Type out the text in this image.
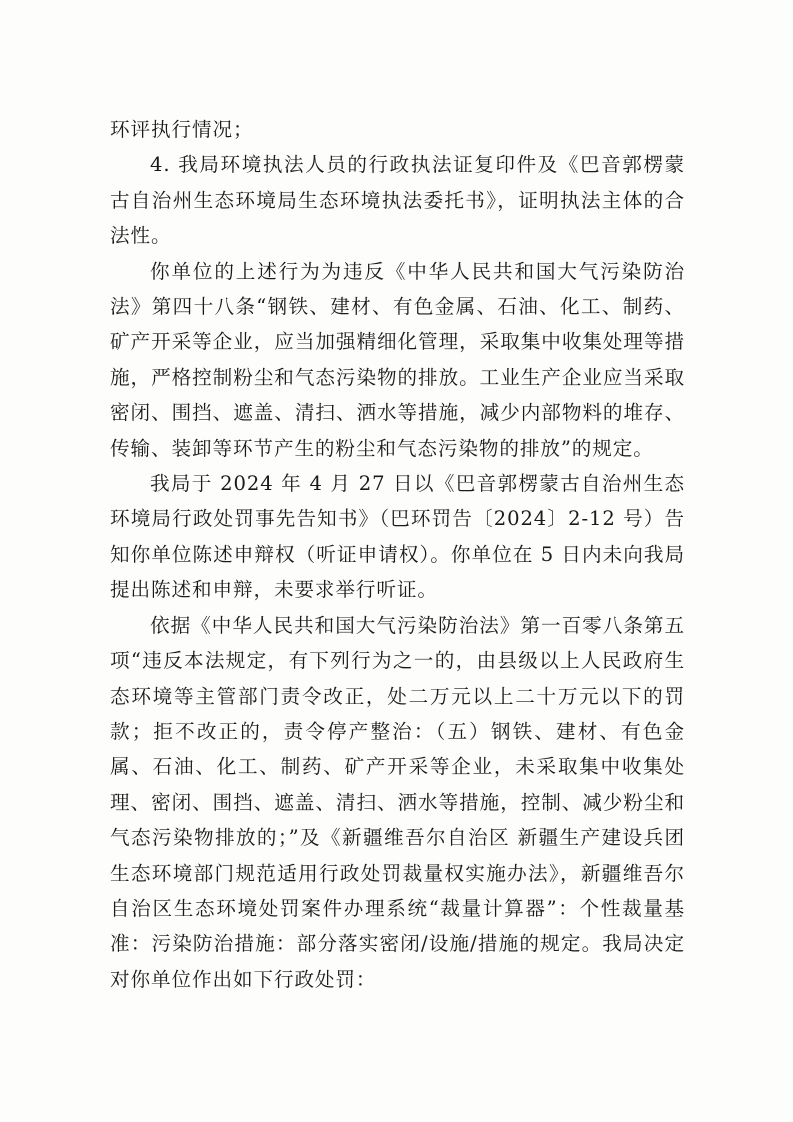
环评执行情况；

4. 我局环境执法人员的行政执法证复印件及《巴音郭楞蒙古自治州生态环境局生态环境执法委托书》，证明执法主体的合法性。

你单位的上述行为为违反《中华人民共和国大气污染防治法》第四十八条“钢铁、建材、有色金属、石油、化工、制药、矿产开采等企业，应当加强精细化管理，采取集中收集处理等措施，严格控制粉尘和气态污染物的排放。工业生产企业应当采取密闭、围挡、遮盖、清扫、洒水等措施，减少内部物料的堆存、传输、装卸等环节产生的粉尘和气态污染物的排放”的规定。

我局于 2024 年 4 月 27 日以《巴音郭楞蒙古自治州生态环境局行政处罚事先告知书》（巴环罚告〔2024〕2-12 号）告知你单位陈述申辩权（听证申请权）。你单位在 5 日内未向我局提出陈述和申辩，未要求举行听证。

依据《中华人民共和国大气污染防治法》第一百零八条第五项“违反本法规定，有下列行为之一的，由县级以上人民政府生态环境等主管部门责令改正，处二万元以上二十万元以下的罚款；拒不改正的，责令停产整治：（五）钢铁、建材、有色金属、石油、化工、制药、矿产开采等企业，未采取集中收集处理、密闭、围挡、遮盖、清扫、洒水等措施，控制、减少粉尘和气态污染物排放的；”及《新疆维吾尔自治区 新疆生产建设兵团生态环境部门规范适用行政处罚裁量权实施办法》，新疆维吾尔自治区生态环境处罚案件办理系统“裁量计算器”：个性裁量基准：污染防治措施：部分落实密闭/设施/措施的规定。我局决定对你单位作出如下行政处罚：
